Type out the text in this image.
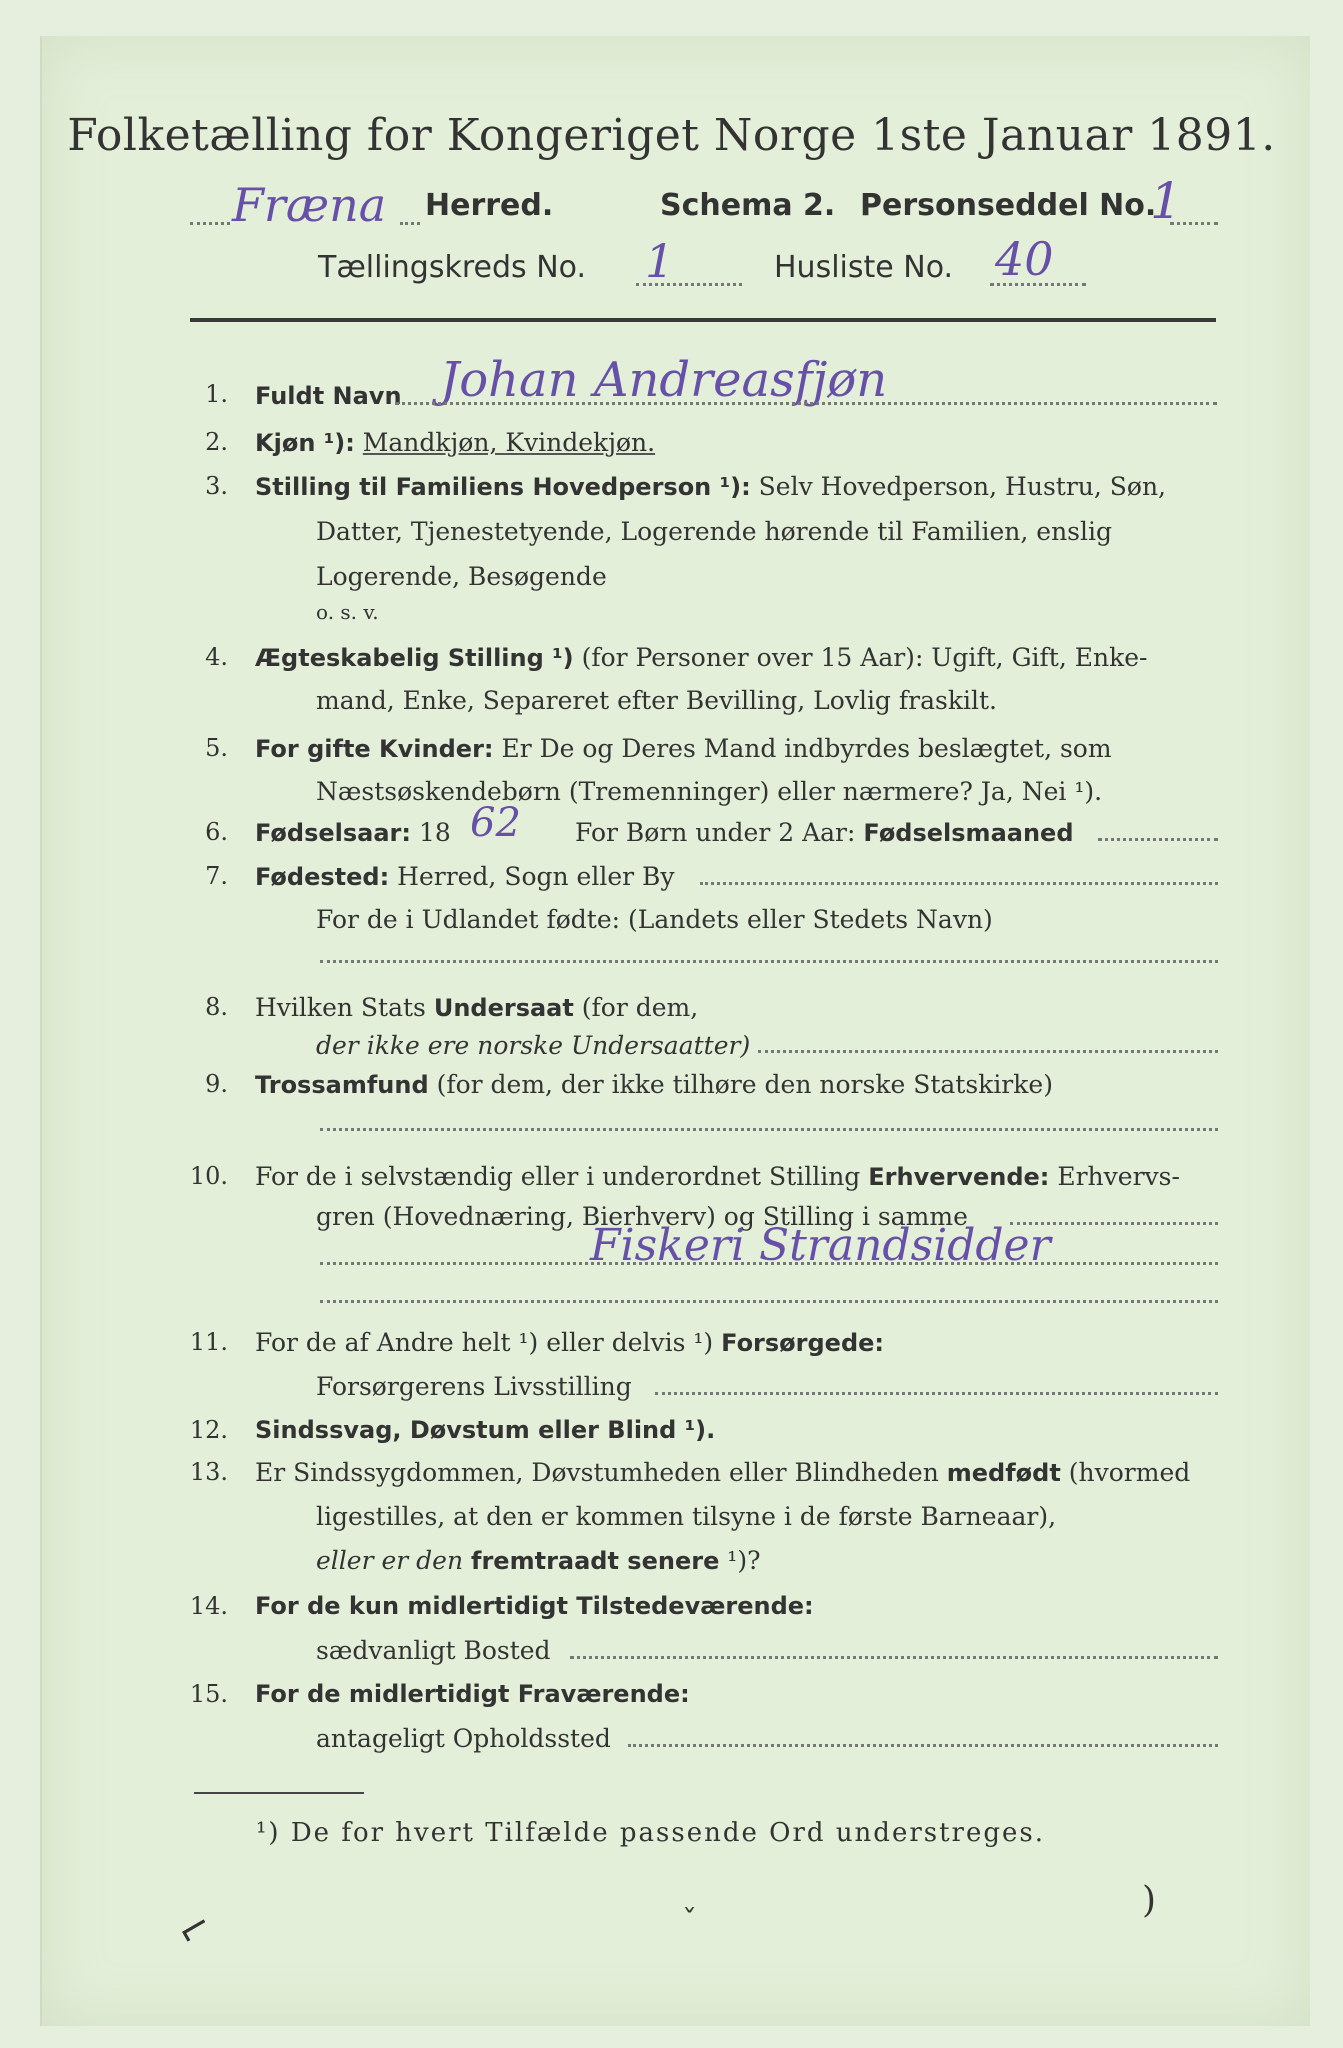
Folketælling for Kongeriget Norge 1ste Januar 1891.
Fræna Herred.	Schema 2. Personseddel No.
1
Tællingskreds No. 1	Husliste No. 40
1. Fuldt Navn Johan Andreasfjøn
2. Kjøn ¹): Mandkjøn, Kvindekjøn.
3. Stilling til Familiens Hovedperson ¹): Selv Hovedperson, Hustru, Søn,
Datter, Tjenestetyende, Logerende hørende til Familien, enslig
Logerende, Besøgende
o. s. v.
4. Ægteskabelig Stilling ¹) (for Personer over 15 Aar): Ugift, Gift, Enke-
mand, Enke, Separeret efter Bevilling, Lovlig fraskilt.
5. For gifte Kvinder: Er De og Deres Mand indbyrdes beslægtet, som
Næstsøskendebørn (Tremenninger) eller nærmere? Ja, Nei ¹).
6. Fødselsaar: 18 62 For Børn under 2 Aar: Fødselsmaaned
7. Fødested: Herred, Sogn eller By
For de i Udlandet fødte: (Landets eller Stedets Navn)
8. Hvilken Stats Undersaat (for dem,
der ikke ere norske Undersaatter)
9. Trossamfund (for dem, der ikke tilhøre den norske Statskirke)
10. For de i selvstændig eller i underordnet Stilling Erhvervende: Erhvervs-
gren (Hovednæring, Bierhverv) og Stilling i samme
Fiskeri Strandsidder
11. For de af Andre helt ¹) eller delvis ¹) Forsørgede:
Forsørgerens Livsstilling
12. Sindssvag, Døvstum eller Blind ¹).
13. Er Sindssygdommen, Døvstumheden eller Blindheden medfødt (hvormed
ligestilles, at den er kommen tilsyne i de første Barneaar),
eller er den fremtraadt senere ¹)?
14. For de kun midlertidigt Tilstedeværende:
sædvanligt Bosted
15. For de midlertidigt Fraværende:
antageligt Opholdssted
¹) De for hvert Tilfælde passende Ord understreges.
⌐	ˇ
)
